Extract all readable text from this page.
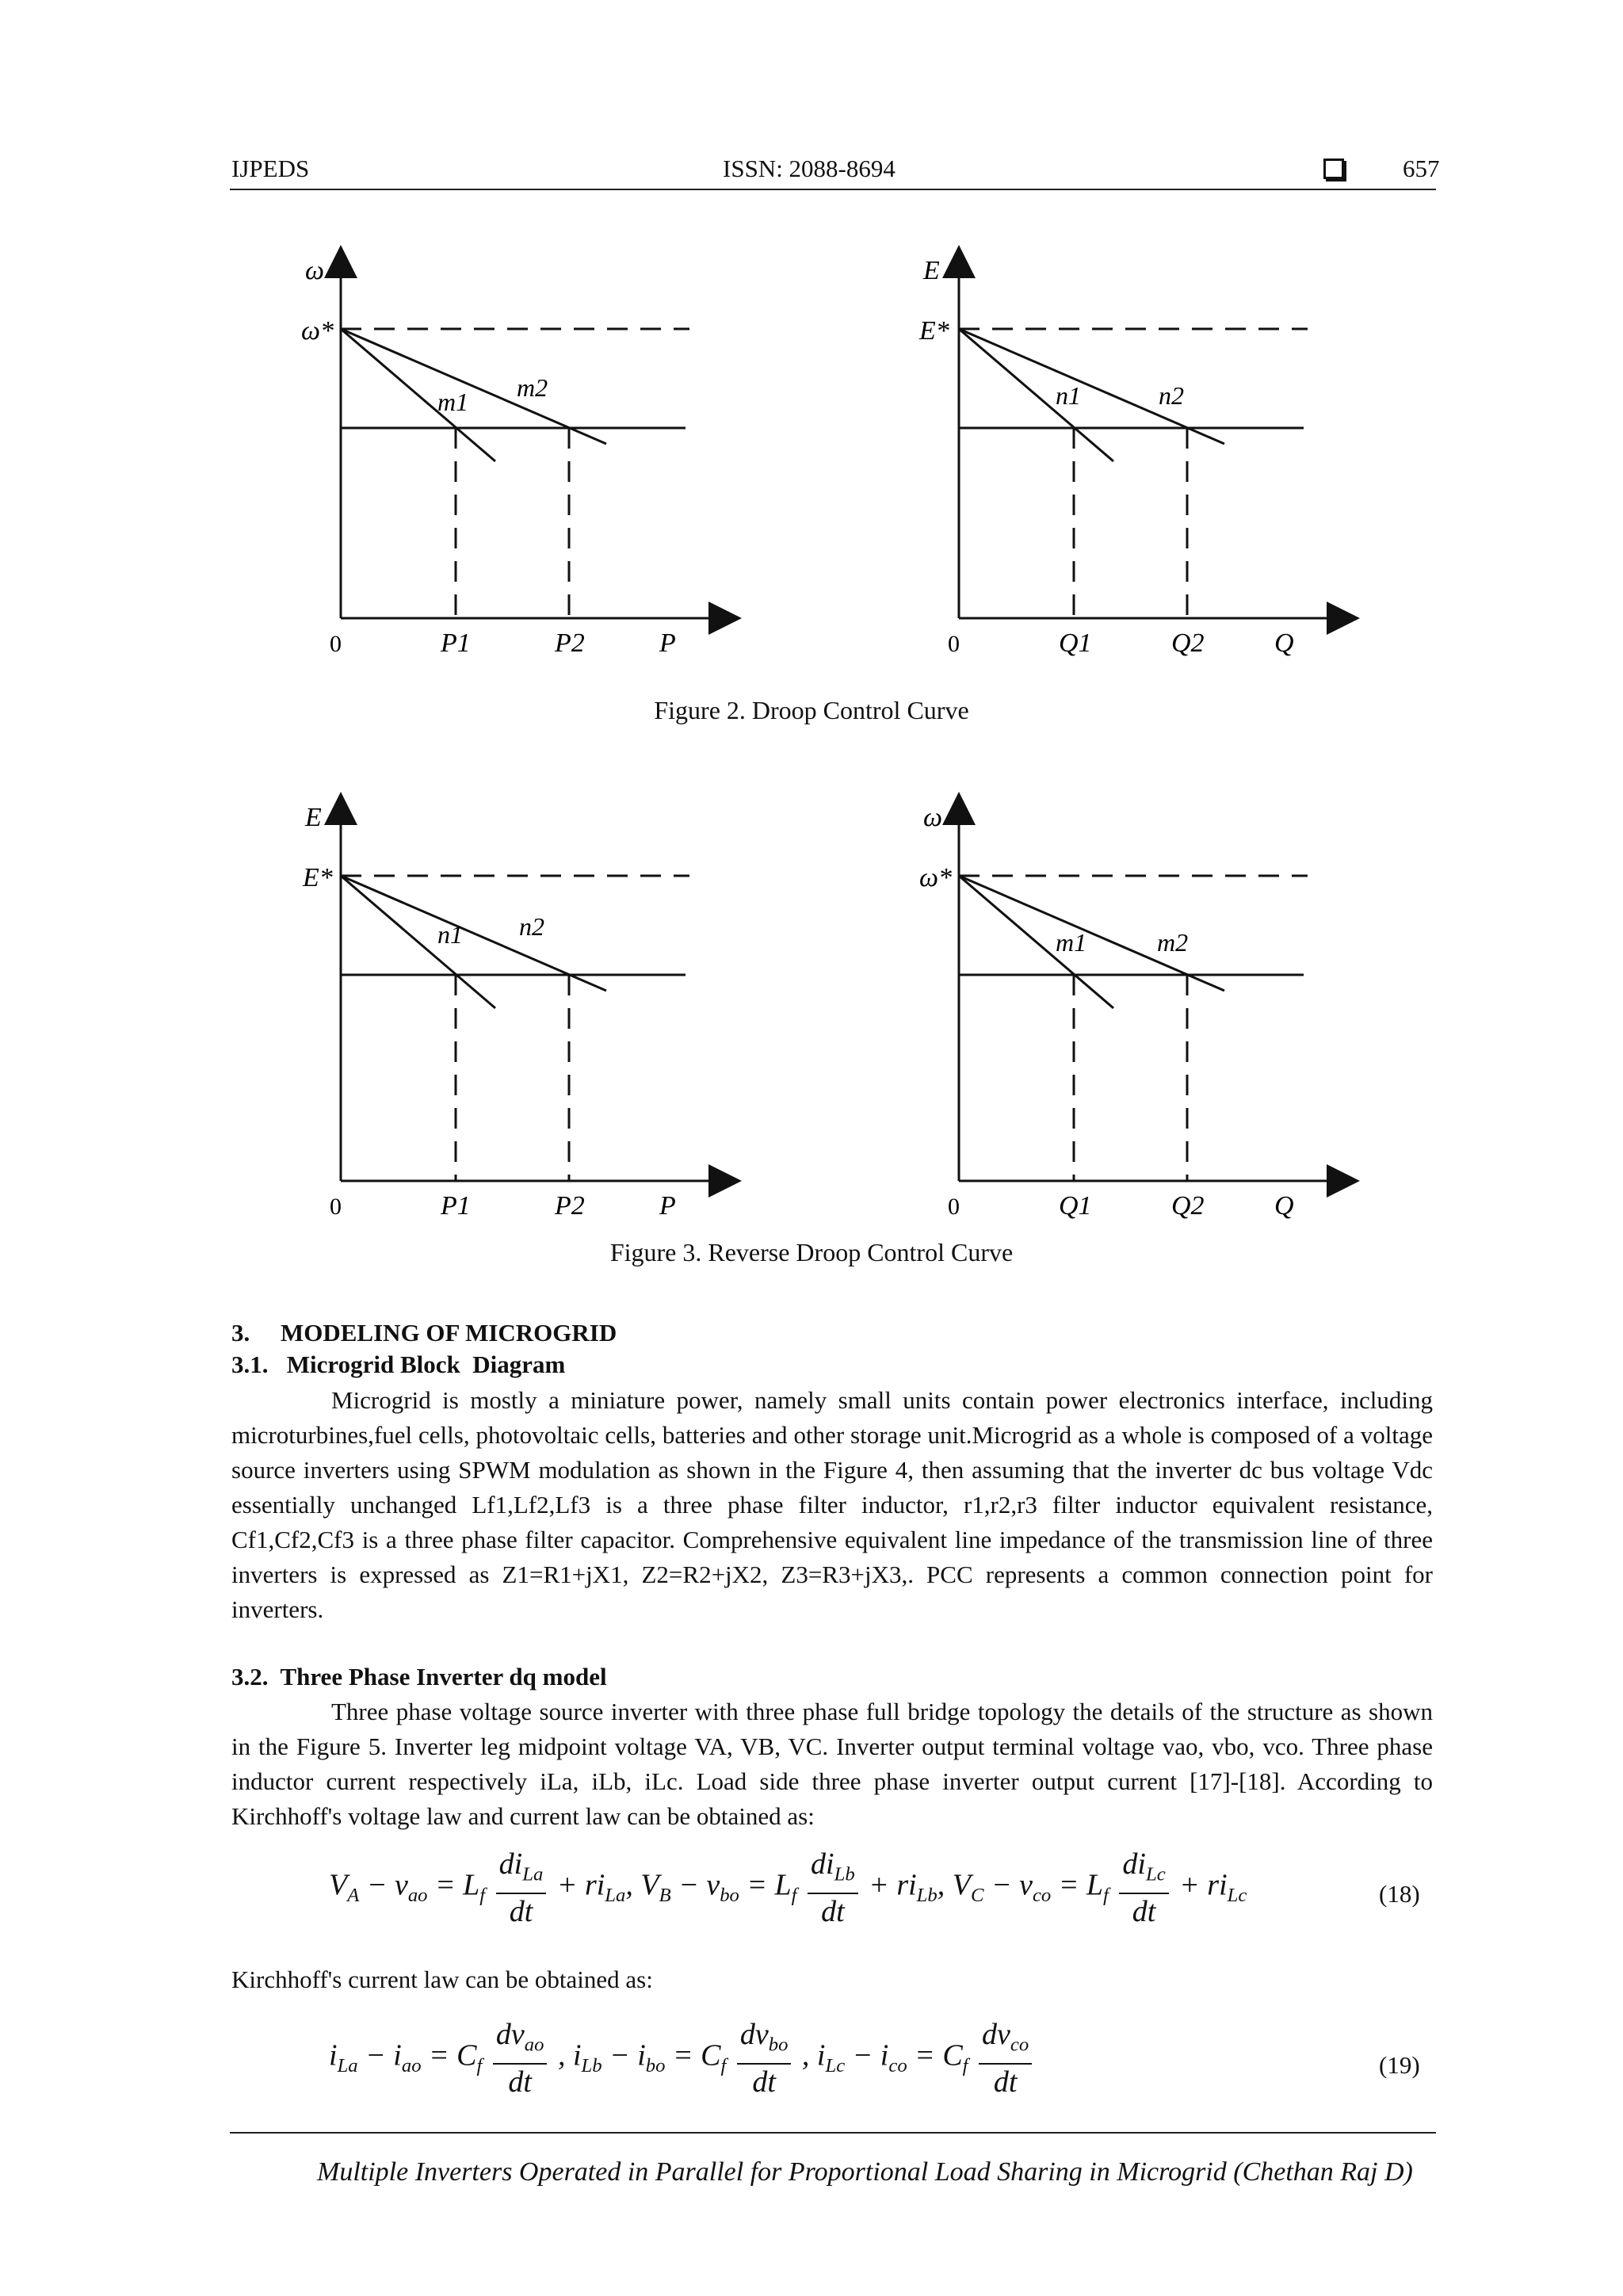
IJPEDS	ISSN: 2088-8694	657
ω
ω*
m1 m2
0	P1	P2	P
E
E*
n1	n2
0	Q1	Q2	Q
Figure 2. Droop Control Curve
E
E*
n1 n2
0	P1	P2	P
ω
ω*
m1	m2
0	Q1	Q2	Q
Figure 3. Reverse Droop Control Curve
3.     MODELING OF MICROGRID
3.1.   Microgrid Block  Diagram
Microgrid is mostly a miniature power, namely small units contain power electronics interface, including microturbines,fuel cells, photovoltaic cells, batteries and other storage unit.Microgrid as a whole is composed of a voltage source inverters using SPWM modulation as shown in the Figure 4, then assuming that the inverter dc bus voltage Vdc essentially unchanged Lf1,Lf2,Lf3 is a three phase filter inductor, r1,r2,r3 filter inductor equivalent resistance, Cf1,Cf2,Cf3 is a three phase filter capacitor. Comprehensive equivalent line impedance of the transmission line of three inverters is expressed as Z1=R1+jX1, Z2=R2+jX2, Z3=R3+jX3,. PCC represents a common connection point for inverters.
3.2.  Three Phase Inverter dq model
Three phase voltage source inverter with three phase full bridge topology the details of the structure as shown in the Figure 5. Inverter leg midpoint voltage VA, VB, VC. Inverter output terminal voltage vao, vbo, vco. Three phase inductor current respectively iLa, iLb, iLc. Load side three phase inverter output current [17]-[18]. According to Kirchhoff's voltage law and current law can be obtained as:
$V_A - v_{ao} = L_f \frac{di_{La}}{dt} + ri_{La}$, $V_B - v_{bo} = L_f \frac{di_{Lb}}{dt} + ri_{Lb}$, $V_C - v_{co} = L_f \frac{di_{Lc}}{dt} + ri_{Lc}$	(18)
Kirchhoff's current law can be obtained as:
$i_{La} - i_{ao} = C_f \frac{dv_{ao}}{dt}$ , $i_{Lb} - i_{bo} = C_f \frac{dv_{bo}}{dt}$ , $i_{Lc} - i_{co} = C_f \frac{dv_{co}}{dt}$	(19)
Multiple Inverters Operated in Parallel for Proportional Load Sharing in Microgrid (Chethan Raj D)
